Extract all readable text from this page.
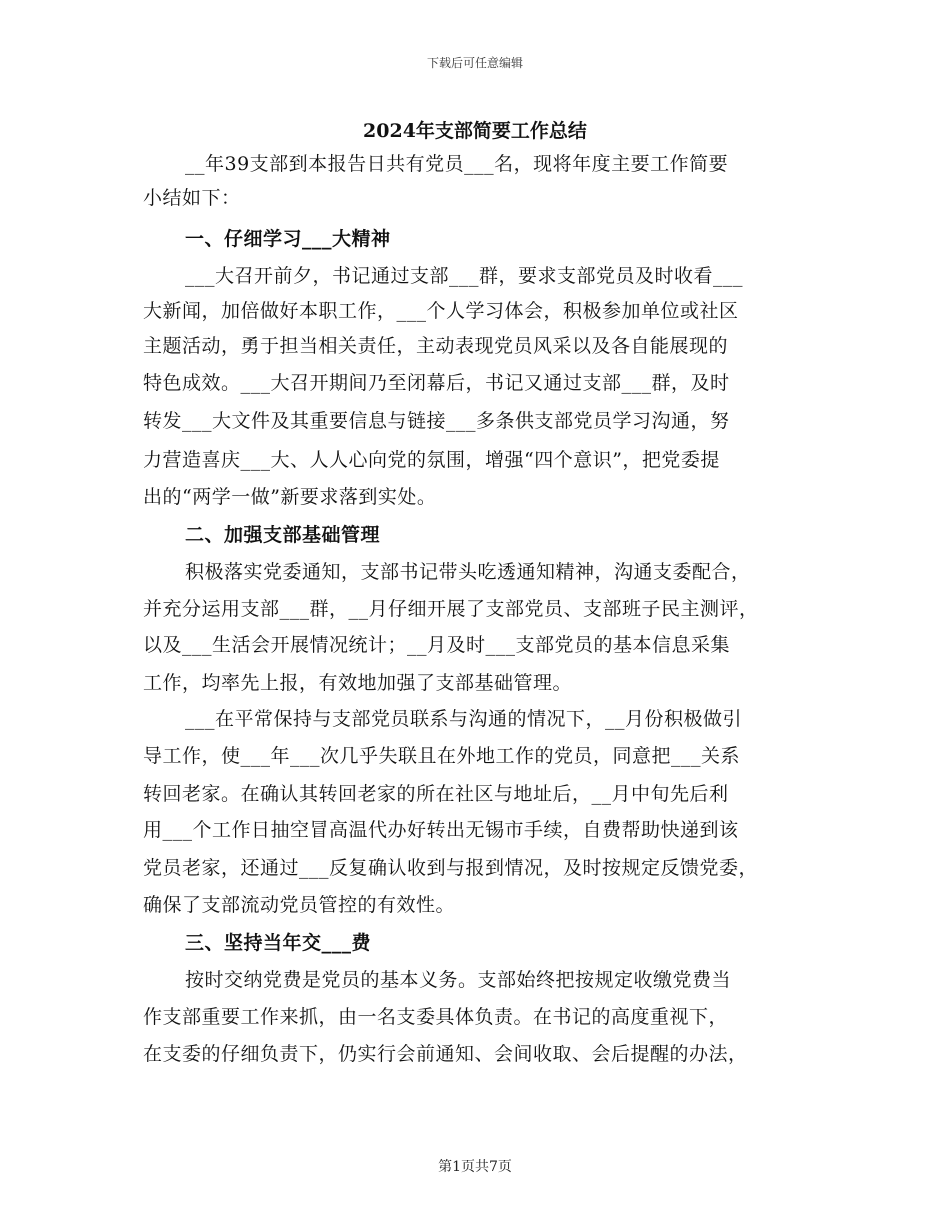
下载后可任意编辑
2024年支部简要工作总结
__年39支部到本报告日共有党员___名，现将年度主要工作简要
小结如下：
一、仔细学习___大精神
___大召开前夕，书记通过支部___群，要求支部党员及时收看___
大新闻，加倍做好本职工作，___个人学习体会，积极参加单位或社区
主题活动，勇于担当相关责任，主动表现党员风采以及各自能展现的
特色成效。___大召开期间乃至闭幕后，书记又通过支部___群，及时
转发___大文件及其重要信息与链接___多条供支部党员学习沟通，努
力营造喜庆___大、人人心向党的氛围，增强“四个意识”，把党委提
出的“两学一做”新要求落到实处。
二、加强支部基础管理
积极落实党委通知，支部书记带头吃透通知精神，沟通支委配合，
并充分运用支部___群，__月仔细开展了支部党员、支部班子民主测评，
以及___生活会开展情况统计；__月及时___支部党员的基本信息采集
工作，均率先上报，有效地加强了支部基础管理。
___在平常保持与支部党员联系与沟通的情况下，__月份积极做引
导工作，使___年___次几乎失联且在外地工作的党员，同意把___关系
转回老家。在确认其转回老家的所在社区与地址后，__月中旬先后利
用___个工作日抽空冒高温代办好转出无锡市手续，自费帮助快递到该
党员老家，还通过___反复确认收到与报到情况，及时按规定反馈党委，
确保了支部流动党员管控的有效性。
三、坚持当年交___费
按时交纳党费是党员的基本义务。支部始终把按规定收缴党费当
作支部重要工作来抓，由一名支委具体负责。在书记的高度重视下，
在支委的仔细负责下，仍实行会前通知、会间收取、会后提醒的办法，
第1页共7页
